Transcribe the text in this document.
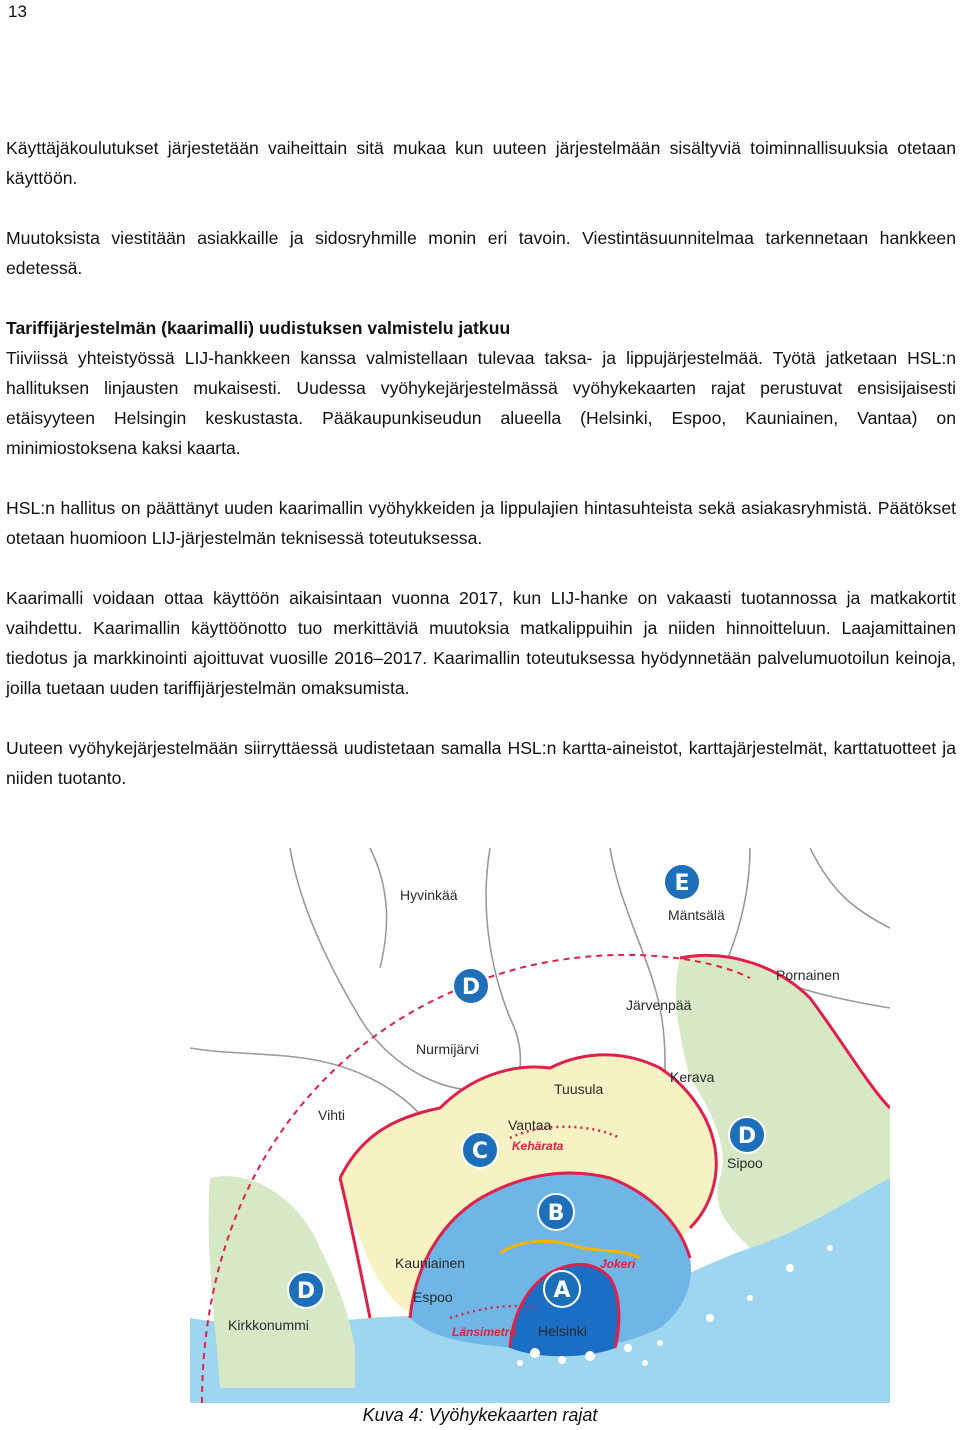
13

Käyttäjäkoulutukset järjestetään vaiheittain sitä mukaa kun uuteen järjestelmään sisältyviä toiminnallisuuksia otetaan käyttöön.

Muutoksista viestitään asiakkaille ja sidosryhmille monin eri tavoin. Viestintäsuunnitelmaa tarkennetaan hankkeen edetessä.

Tariffijärjestelmän (kaarimalli) uudistuksen valmistelu jatkuu

Tiiviissä yhteistyössä LIJ-hankkeen kanssa valmistellaan tulevaa taksa- ja lippujärjestelmää. Työtä jatketaan HSL:n hallituksen linjausten mukaisesti. Uudessa vyöhykejärjestelmässä vyöhykekaarten rajat perustuvat ensisijaisesti etäisyyteen Helsingin keskustasta. Pääkaupunkiseudun alueella (Helsinki, Espoo, Kauniainen, Vantaa) on minimiostoksena kaksi kaarta.

HSL:n hallitus on päättänyt uuden kaarimallin vyöhykkeiden ja lippulajien hintasuhteista sekä asiakasryhmistä. Päätökset otetaan huomioon LIJ-järjestelmän teknisessä toteutuksessa.

Kaarimalli voidaan ottaa käyttöön aikaisintaan vuonna 2017, kun LIJ-hanke on vakaasti tuotannossa ja matkakortit vaihdettu. Kaarimallin käyttöönotto tuo merkittäviä muutoksia matkalippuihin ja niiden hinnoitteluun. Laajamittainen tiedotus ja markkinointi ajoittuvat vuosille 2016–2017. Kaarimallin toteutuksessa hyödynnetään palvelumuotoilun keinoja, joilla tuetaan uuden tariffijärjestelmän omaksumista.

Uuteen vyöhykejärjestelmään siirryttäessä uudistetaan samalla HSL:n kartta-aineistot, karttajärjestelmät, karttatuotteet ja niiden tuotanto.

Hyvinkää
Mäntsälä
Pornainen
Järvenpää
Nurmijärvi
Tuusula
Kerava
Vihti
Vantaa
Kehärata
Sipoo
Kauniainen
Espoo
Jokeri
Kirkkonummi	Länsimetro Helsinki
E
D
C
D
B
D	A
Kuva 4: Vyöhykekaarten rajat
